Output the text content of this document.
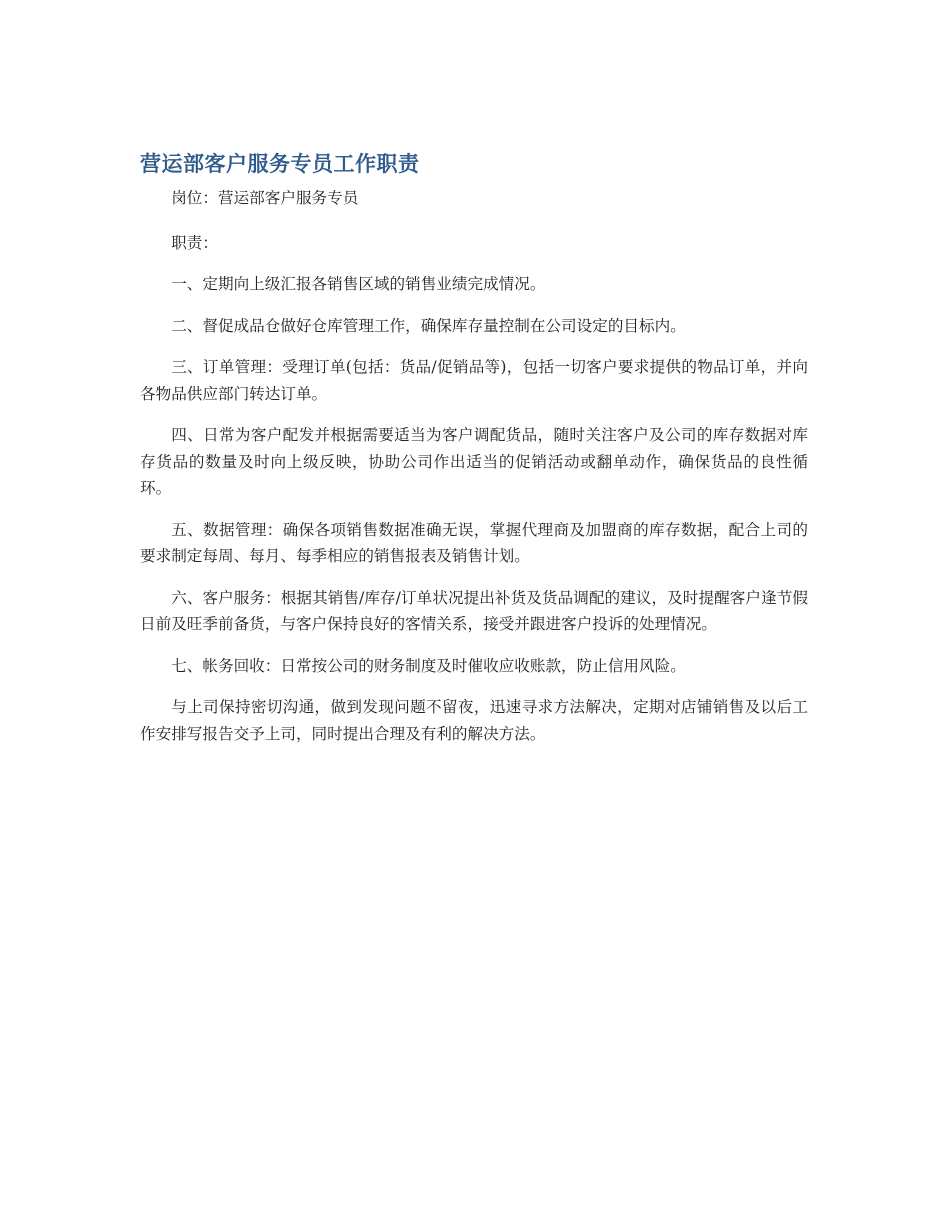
营运部客户服务专员工作职责

岗位：营运部客户服务专员

职责：

一、定期向上级汇报各销售区域的销售业绩完成情况。

二、督促成品仓做好仓库管理工作，确保库存量控制在公司设定的目标内。

三、订单管理：受理订单(包括：货品/促销品等)，包括一切客户要求提供的物品订单，并向各物品供应部门转达订单。

四、日常为客户配发并根据需要适当为客户调配货品，随时关注客户及公司的库存数据对库存货品的数量及时向上级反映，协助公司作出适当的促销活动或翻单动作，确保货品的良性循环。

五、数据管理：确保各项销售数据准确无误，掌握代理商及加盟商的库存数据，配合上司的要求制定每周、每月、每季相应的销售报表及销售计划。

六、客户服务：根据其销售/库存/订单状况提出补货及货品调配的建议，及时提醒客户逢节假日前及旺季前备货，与客户保持良好的客情关系，接受并跟进客户投诉的处理情况。

七、帐务回收：日常按公司的财务制度及时催收应收账款，防止信用风险。

与上司保持密切沟通，做到发现问题不留夜，迅速寻求方法解决，定期对店铺销售及以后工作安排写报告交予上司，同时提出合理及有利的解决方法。
